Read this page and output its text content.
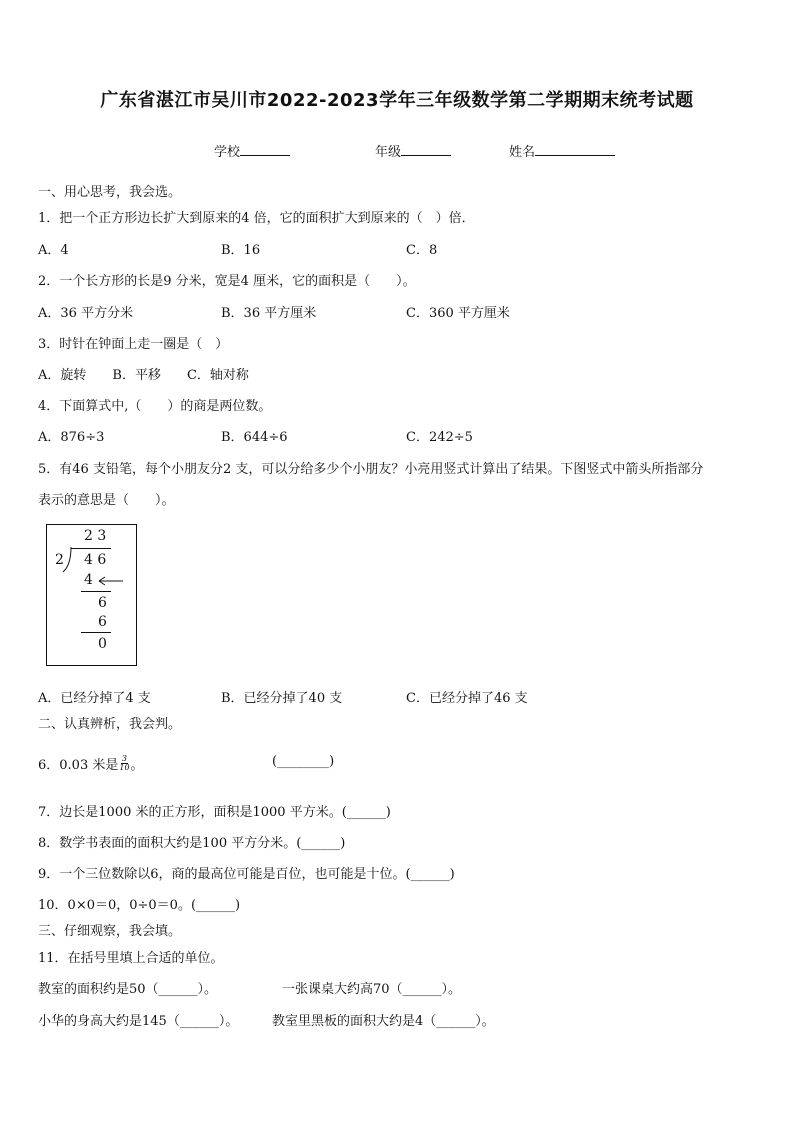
广东省湛江市吴川市2022-2023学年三年级数学第二学期期末统考试题
学校	年级	姓名
一、用心思考，我会选。
1．把一个正方形边长扩大到原来的4 倍，它的面积扩大到原来的（　）倍．
A．4	B．16	C．8
2．一个长方形的长是9 分米，宽是4 厘米，它的面积是（　　）。
A．36 平方分米	B．36 平方厘米	C．360 平方厘米
3．时针在钟面上走一圈是（　）
A．旋转　　B．平移　　C．轴对称
4．下面算式中,（　　）的商是两位数。
A．876÷3	B．644÷6	C．242÷5
5．有46 支铅笔，每个小朋友分2 支，可以分给多少个小朋友？小亮用竖式计算出了结果。下图竖式中箭头所指部分
表示的意思是（　　）。
2 3
2 4 6
4
6
6
0
A．已经分掉了4 支	B．已经分掉了40 支	C．已经分掉了46 支
二、认真辨析，我会判。
6．0.03 米是 $\frac{3}{10}$ 。	(________)
7．边长是1000 米的正方形，面积是1000 平方米。(______)
8．数学书表面的面积大约是100 平方分米。(______)
9．一个三位数除以6，商的最高位可能是百位，也可能是十位。(______)
10．0×0＝0，0÷0＝0。(______)
三、仔细观察，我会填。
11．在括号里填上合适的单位。
教室的面积约是50（______）。	一张课桌大约高70（______）。
小华的身高大约是145（______）。	教室里黑板的面积大约是4（______）。
